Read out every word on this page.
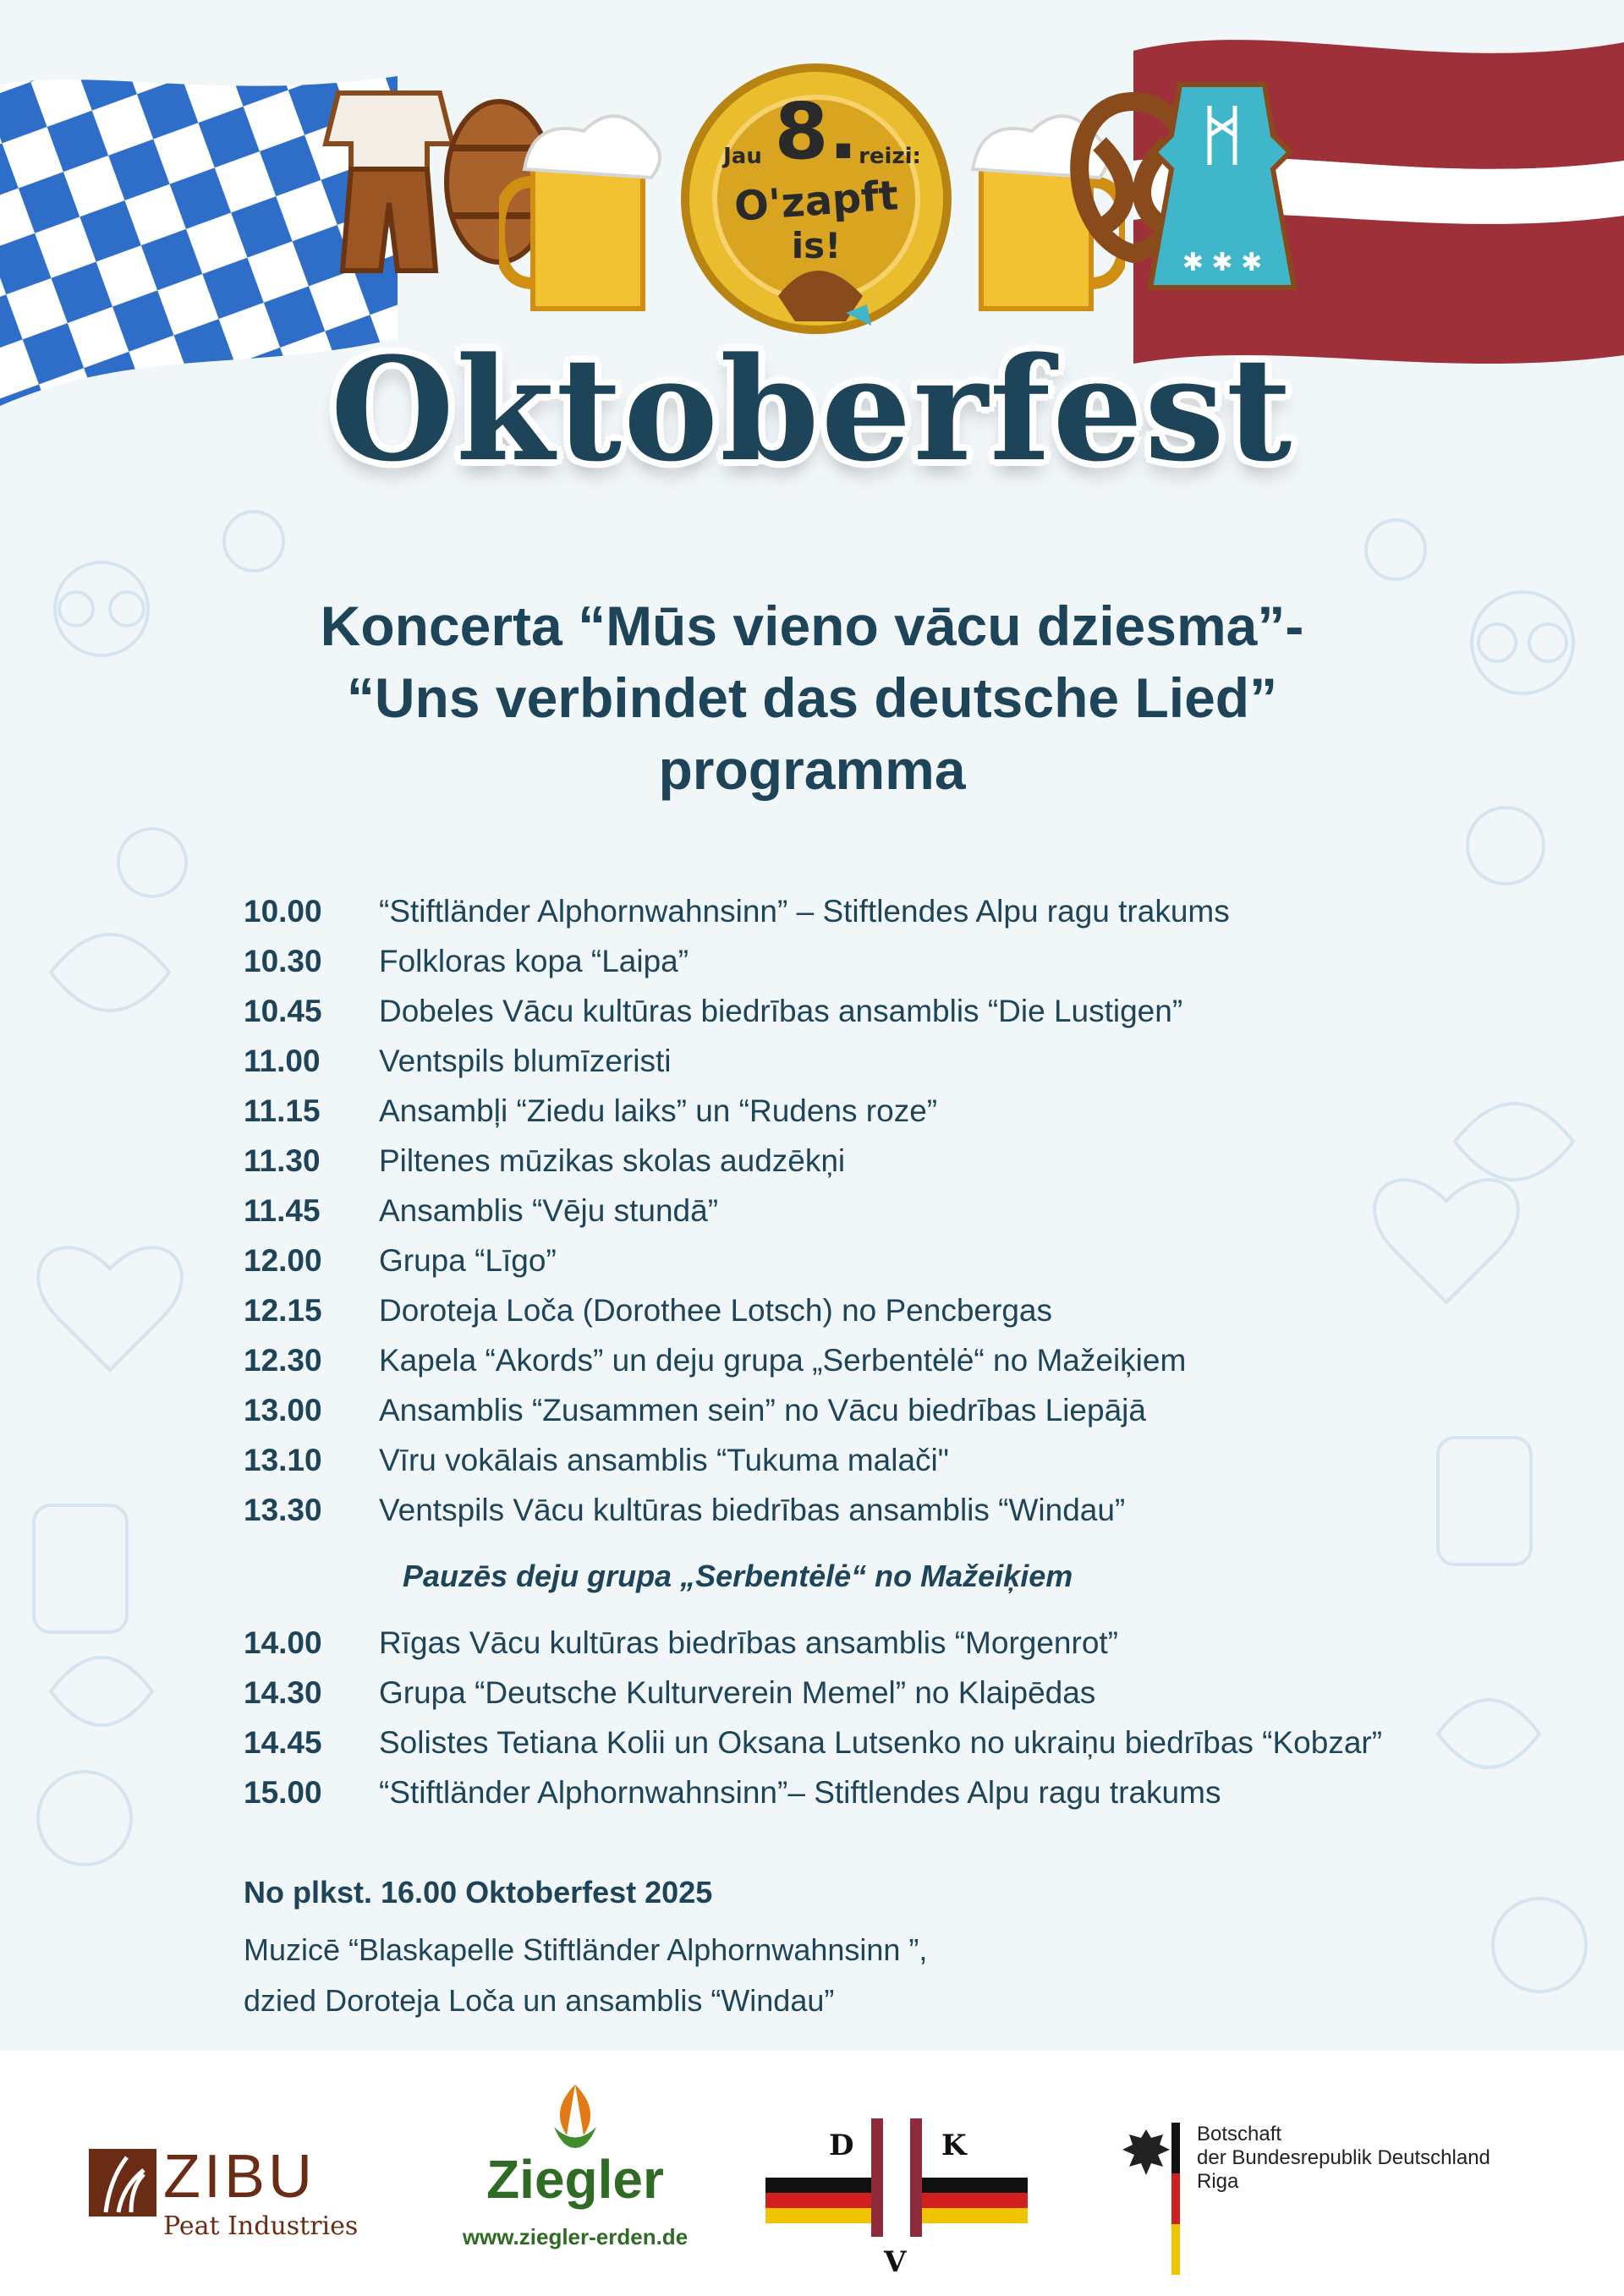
✱ ✱ ✱
Jau 8. reizi:
O'zapft
is!
Oktoberfest
Koncerta “Mūs vieno vācu dziesma”-
“Uns verbindet das deutsche Lied”
programma
10.00 “Stiftländer Alphornwahnsinn” – Stiftlendes Alpu ragu trakums
10.30 Folkloras kopa “Laipa”
10.45 Dobeles Vācu kultūras biedrības ansamblis “Die Lustigen”
11.00 Ventspils blumīzeristi
11.15 Ansambļi “Ziedu laiks” un “Rudens roze”
11.30 Piltenes mūzikas skolas audzēkņi
11.45 Ansamblis “Vēju stundā”
12.00 Grupa “Līgo”
12.15 Doroteja Loča (Dorothee Lotsch) no Pencbergas
12.30 Kapela “Akords” un deju grupa „Serbentėlė“ no Mažeiķiem
13.00 Ansamblis “Zusammen sein” no Vācu biedrības Liepājā
13.10 Vīru vokālais ansamblis “Tukuma malači"
13.30 Ventspils Vācu kultūras biedrības ansamblis “Windau”
Pauzēs deju grupa „Serbentėlė“ no Mažeiķiem
14.00 Rīgas Vācu kultūras biedrības ansamblis “Morgenrot”
14.30 Grupa “Deutsche Kulturverein Memel” no Klaipēdas
14.45 Solistes Tetiana Kolii un Oksana Lutsenko no ukraiņu biedrības “Kobzar”
15.00 “Stiftländer Alphornwahnsinn”– Stiftlendes Alpu ragu trakums
No plkst. 16.00 Oktoberfest 2025
Muzicē “Blaskapelle Stiftländer Alphornwahnsinn ”,
dzied Doroteja Loča un ansamblis “Windau”
ZIBU
Peat Industries
Ziegler
www.ziegler-erden.de
D	K
V
Botschaft
der Bundesrepublik Deutschland
Riga
